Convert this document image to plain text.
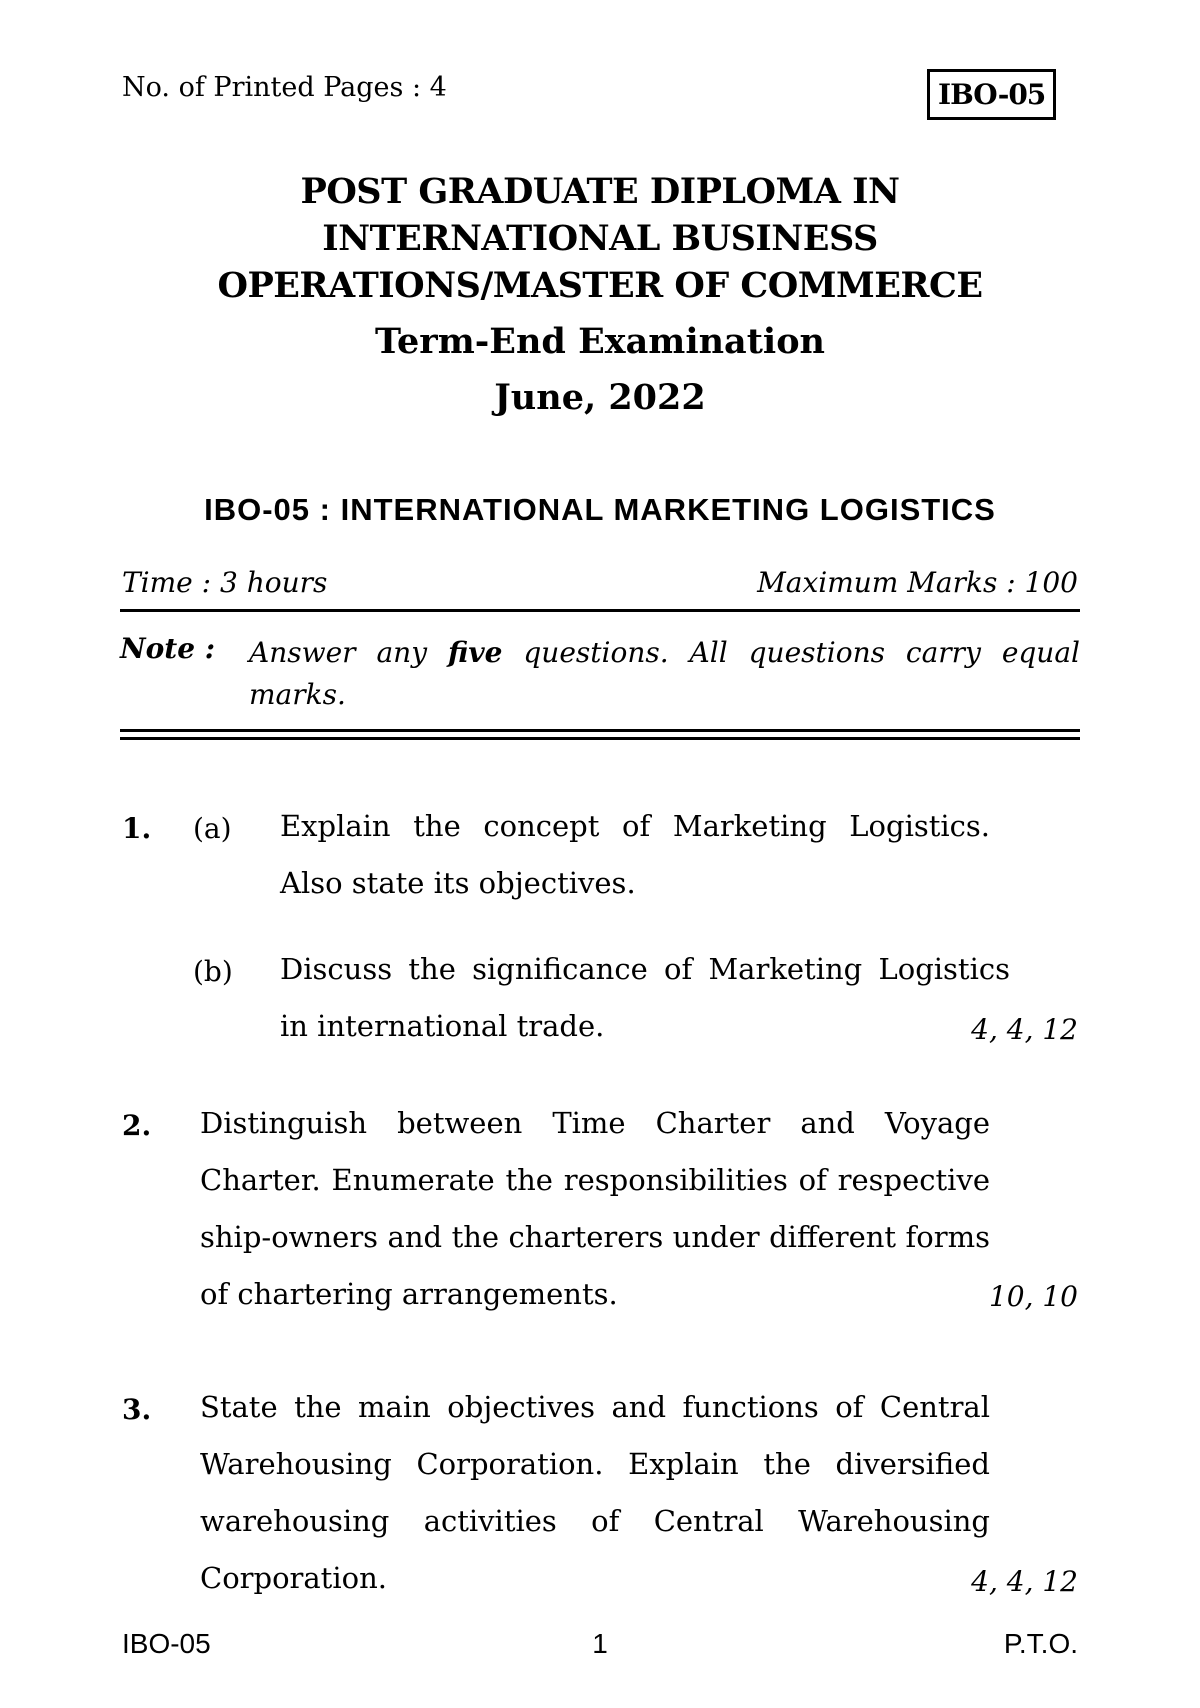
No. of Printed Pages : 4	IBO-05
POST GRADUATE DIPLOMA IN
INTERNATIONAL BUSINESS
OPERATIONS/MASTER OF COMMERCE
Term-End Examination
June, 2022
IBO-05 : INTERNATIONAL MARKETING LOGISTICS
Time : 3 hours	Maximum Marks : 100
Note : Answer any five questions. All questions carry equal marks.
1. (a) Explain the concept of Marketing Logistics. Also state its objectives.
(b) Discuss the significance of Marketing Logistics in international trade.	4, 4, 12
2. Distinguish between Time Charter and Voyage Charter. Enumerate the responsibilities of respective ship-owners and the charterers under different forms of chartering arrangements.	10, 10
3. State the main objectives and functions of Central Warehousing Corporation. Explain the diversified warehousing activities of Central Warehousing Corporation.	4, 4, 12
IBO-05	1	P.T.O.
